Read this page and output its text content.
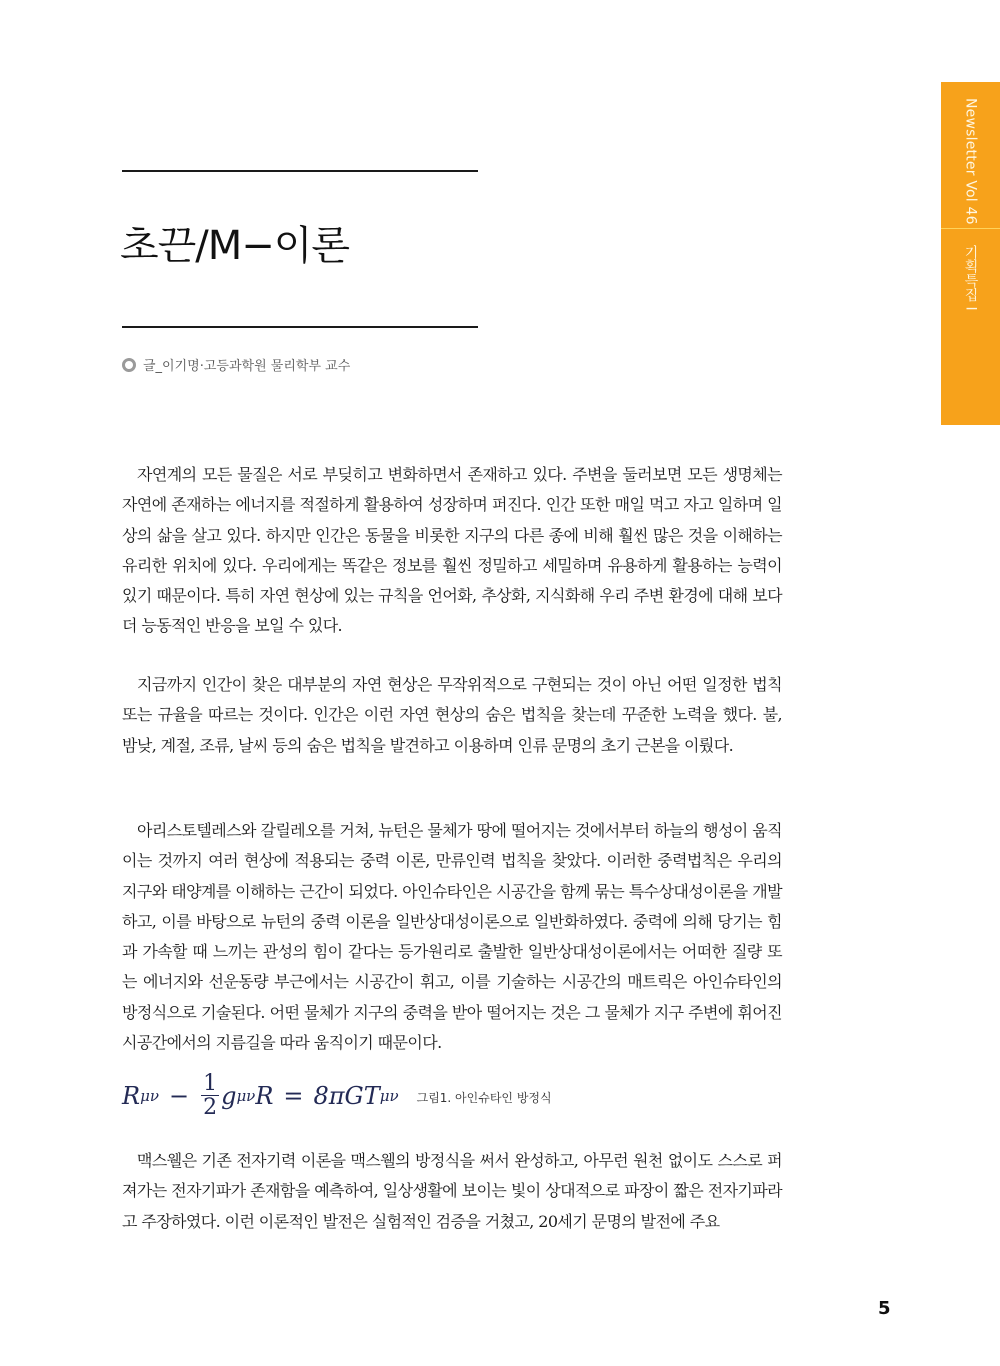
Newsletter Vol 46
기획특집 I
초끈/M−이론
글_이기명·고등과학원 물리학부 교수

자연계의 모든 물질은 서로 부딪히고 변화하면서 존재하고 있다. 주변을 둘러보면 모든 생명체는 자연에 존재하는 에너지를 적절하게 활용하여 성장하며 퍼진다. 인간 또한 매일 먹고 자고 일하며 일상의 삶을 살고 있다. 하지만 인간은 동물을 비롯한 지구의 다른 종에 비해 훨씬 많은 것을 이해하는 유리한 위치에 있다. 우리에게는 똑같은 정보를 훨씬 정밀하고 세밀하며 유용하게 활용하는 능력이 있기 때문이다. 특히 자연 현상에 있는 규칙을 언어화, 추상화, 지식화해 우리 주변 환경에 대해 보다 더 능동적인 반응을 보일 수 있다.

지금까지 인간이 찾은 대부분의 자연 현상은 무작위적으로 구현되는 것이 아닌 어떤 일정한 법칙 또는 규율을 따르는 것이다. 인간은 이런 자연 현상의 숨은 법칙을 찾는데 꾸준한 노력을 했다. 불, 밤낮, 계절, 조류, 날씨 등의 숨은 법칙을 발견하고 이용하며 인류 문명의 초기 근본을 이뤘다.

아리스토텔레스와 갈릴레오를 거쳐, 뉴턴은 물체가 땅에 떨어지는 것에서부터 하늘의 행성이 움직이는 것까지 여러 현상에 적용되는 중력 이론, 만류인력 법칙을 찾았다. 이러한 중력법칙은 우리의 지구와 태양계를 이해하는 근간이 되었다. 아인슈타인은 시공간을 함께 묶는 특수상대성이론을 개발하고, 이를 바탕으로 뉴턴의 중력 이론을 일반상대성이론으로 일반화하였다. 중력에 의해 당기는 힘과 가속할 때 느끼는 관성의 힘이 같다는 등가원리로 출발한 일반상대성이론에서는 어떠한 질량 또는 에너지와 선운동량 부근에서는 시공간이 휘고, 이를 기술하는 시공간의 매트릭은 아인슈타인의 방정식으로 기술된다. 어떤 물체가 지구의 중력을 받아 떨어지는 것은 그 물체가 지구 주변에 휘어진 시공간에서의 지름길을 따라 움직이기 때문이다.

맥스웰은 기존 전자기력 이론을 맥스웰의 방정식을 써서 완성하고, 아무런 원천 없이도 스스로 퍼져가는 전자기파가 존재함을 예측하여, 일상생활에 보이는 빛이 상대적으로 파장이 짧은 전자기파라고 주장하였다. 이런 이론적인 발전은 실험적인 검증을 거쳤고, 20세기 문명의 발전에 주요

R $\mu\nu - \frac{1}{2}$ g μν R = 8πGT μν 그림1. 아인슈타인 방정식
5
